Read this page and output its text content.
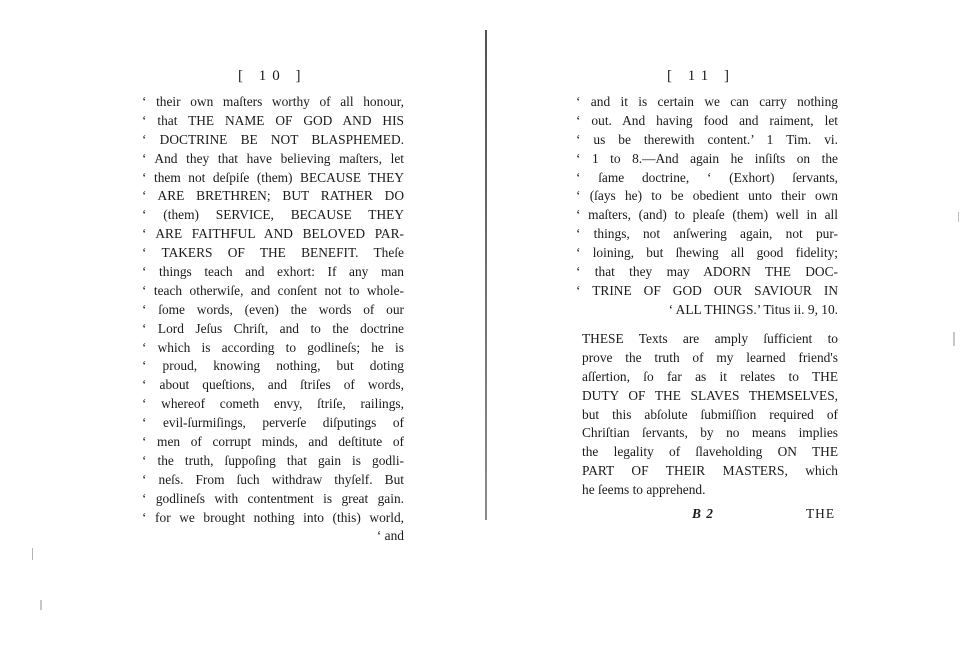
[ 10 ]
‘ their own maſters worthy of all honour,
‘ that THE NAME OF GOD AND HIS
‘ DOCTRINE BE NOT BLASPHEMED.
‘ And they that have believing maſters, let
‘ them not deſpiſe (them) BECAUSE THEY
‘ ARE BRETHREN; BUT RATHER DO
‘ (them) SERVICE, BECAUSE THEY
‘ ARE FAITHFUL AND BELOVED PAR-
‘ TAKERS OF THE BENEFIT. Theſe
‘ things teach and exhort: If any man
‘ teach otherwiſe, and conſent not to whole-
‘ ſome words, (even) the words of our
‘ Lord Jeſus Chriſt, and to the doctrine
‘ which is according to godlineſs; he is
‘ proud, knowing nothing, but doting
‘ about queſtions, and ſtriſes of words,
‘ whereof cometh envy, ſtriſe, railings,
‘ evil-ſurmiſings, perverſe diſputings of
‘ men of corrupt minds, and deſtitute of
‘ the truth, ſuppoſing that gain is godli-
‘ neſs. From ſuch withdraw thyſelf. But
‘ godlineſs with contentment is great gain.
‘ for we brought nothing into (this) world,
‘ and
[ 11 ]
‘ and it is certain we can carry nothing
‘ out. And having food and raiment, let
‘ us be therewith content.’ 1 Tim. vi.
‘ 1 to 8.—And again he inſiſts on the
‘ ſame doctrine, ‘ (Exhort) ſervants,
‘ (ſays he) to be obedient unto their own
‘ maſters, (and) to pleaſe (them) well in all
‘ things, not anſwering again, not pur-
‘ loining, but ſhewing all good fidelity;
‘ that they may ADORN THE DOC-
‘ TRINE OF GOD OUR SAVIOUR IN
‘ ALL THINGS.’ Titus ii. 9, 10.
THESE Texts are amply ſufficient to
prove the truth of my learned friend's
aſſertion, ſo far as it relates to THE
DUTY OF THE SLAVES THEMSELVES,
but this abſolute ſubmiſſion required of
Chriſtian ſervants, by no means implies
the legality of ſlaveholding ON THE
PART OF THEIR MASTERS, which
he ſeems to apprehend.
B 2	THE
